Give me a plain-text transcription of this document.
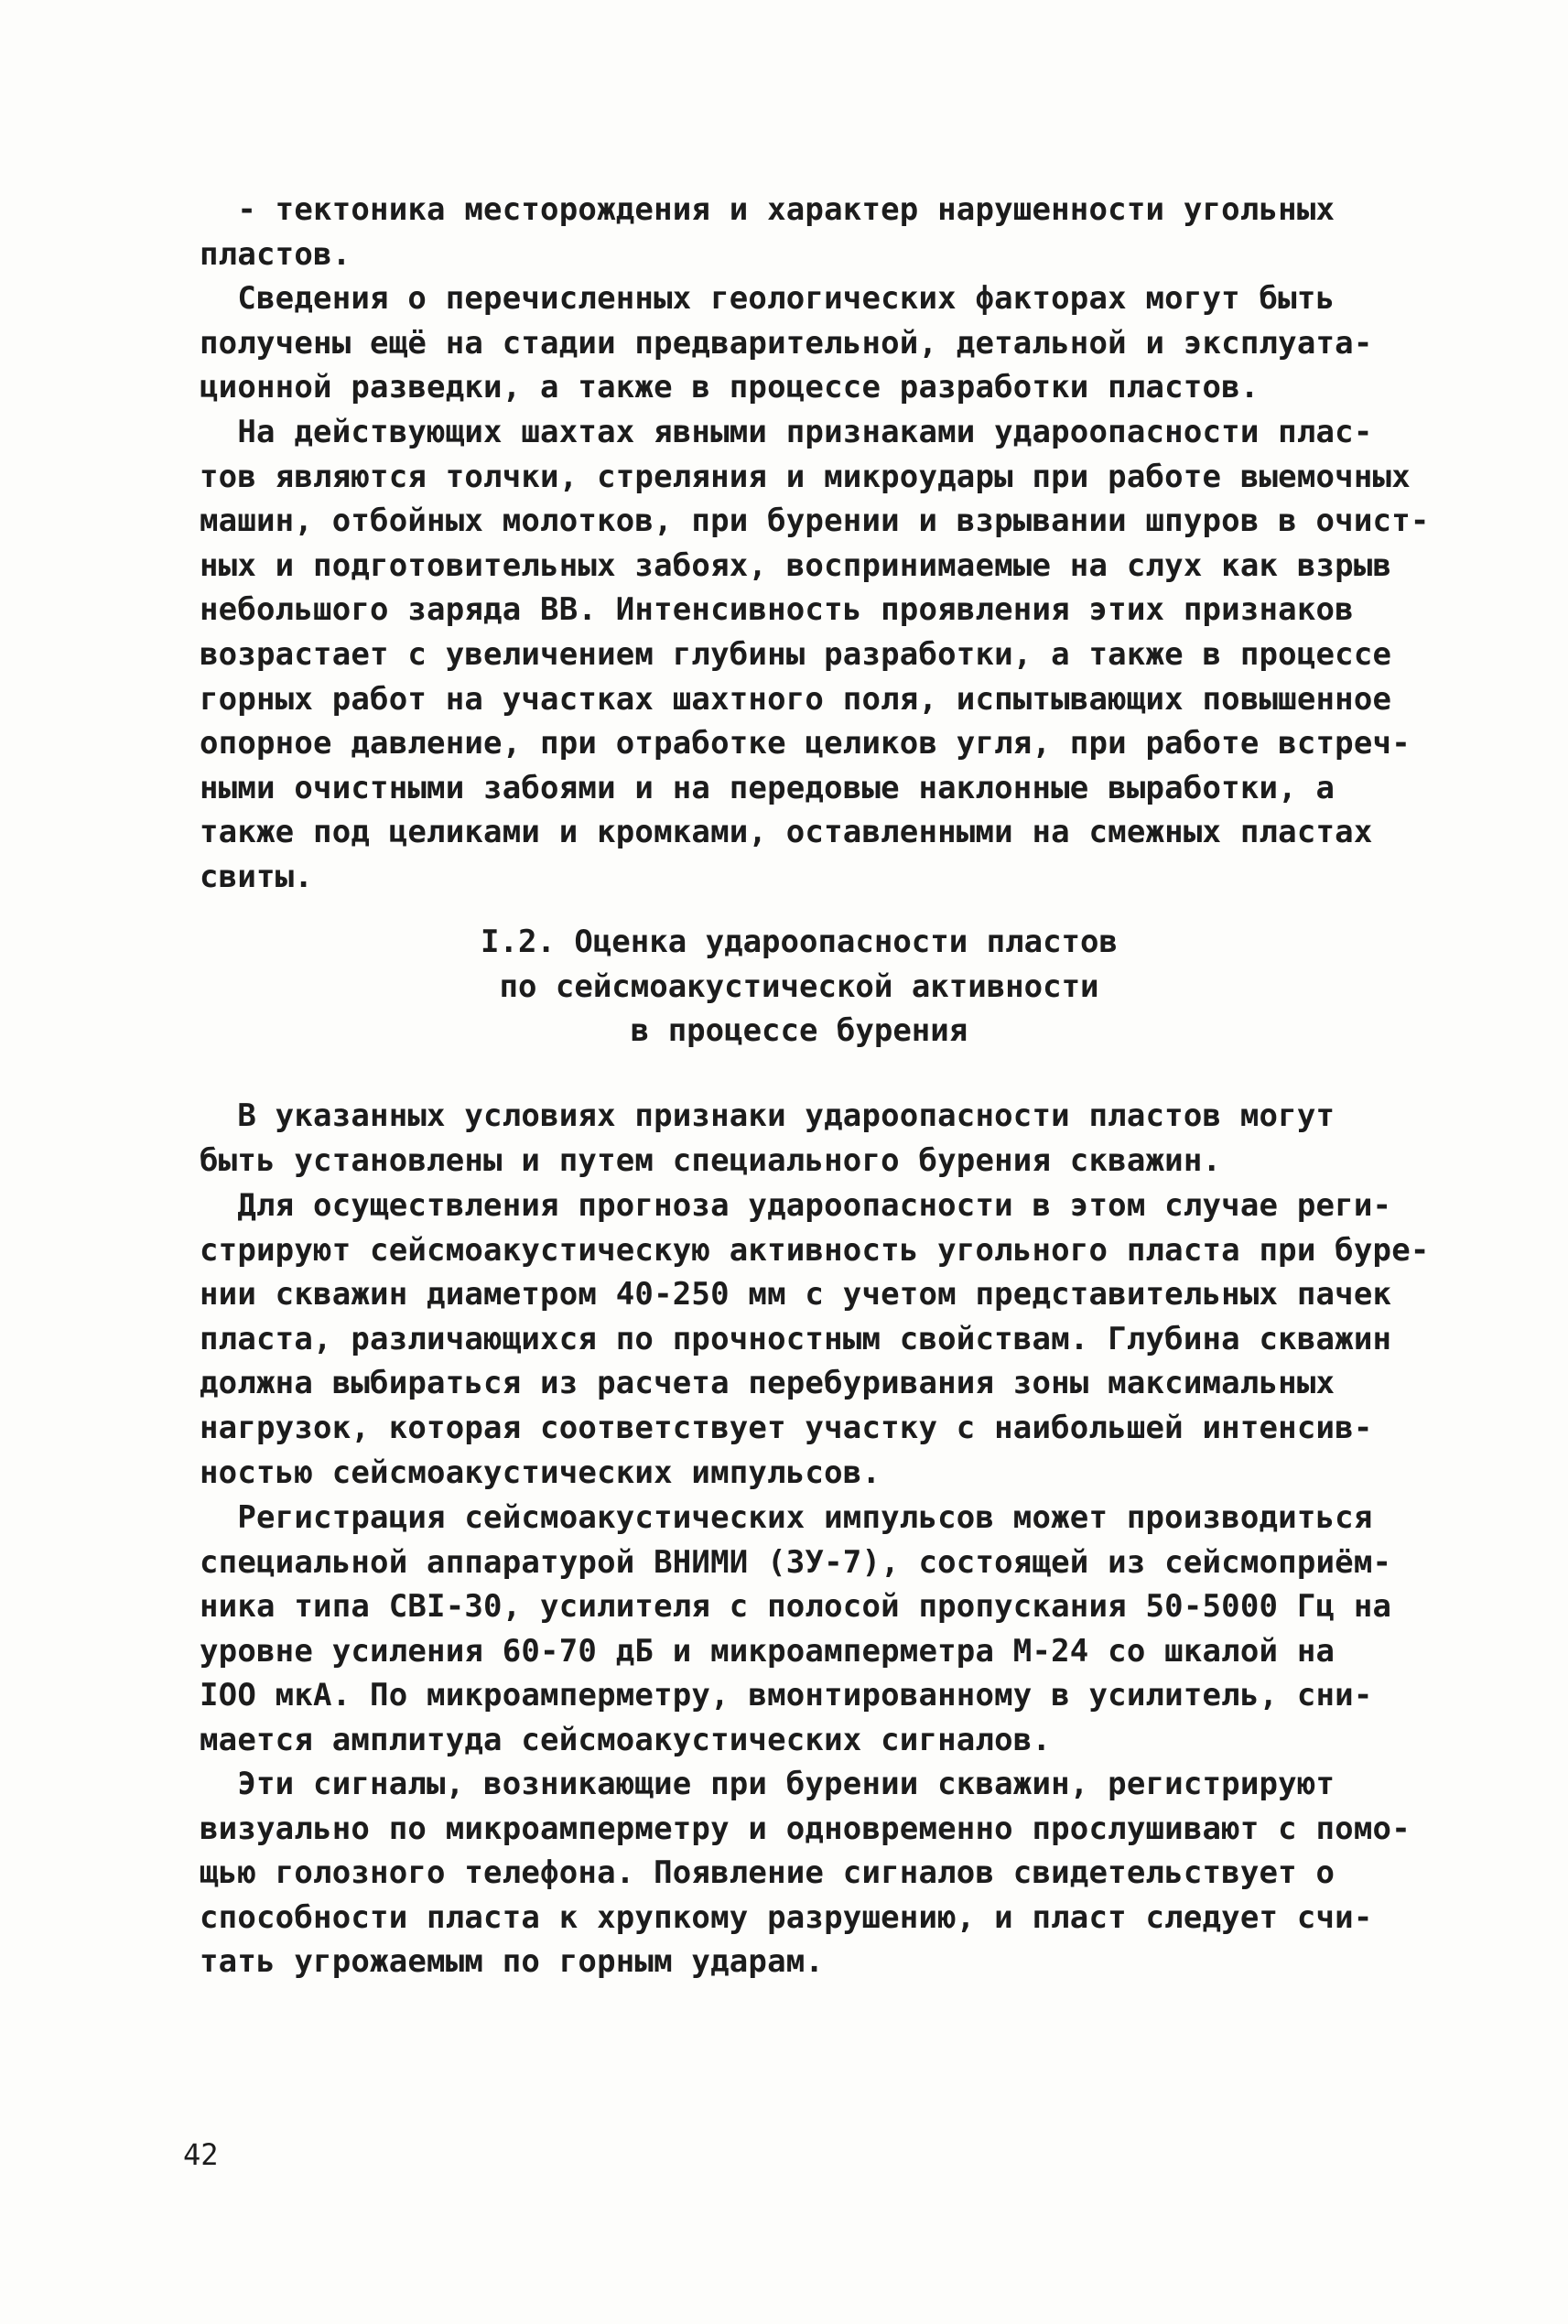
- тектоника месторождения и характер нарушенности угольных
пластов.
Сведения о перечисленных геологических факторах могут быть
получены ещё на стадии предварительной, детальной и эксплуата-
ционной разведки, а также в процессе разработки пластов.
На действующих шахтах явными признаками удароопасности плас-
тов являются толчки, стреляния и микроудары при работе выемочных
машин, отбойных молотков, при бурении и взрывании шпуров в очист-
ных и подготовительных забоях, воспринимаемые на слух как взрыв
небольшого заряда ВВ. Интенсивность проявления этих признаков
возрастает с увеличением глубины разработки, а также в процессе
горных работ на участках шахтного поля, испытывающих повышенное
опорное давление, при отработке целиков угля, при работе встреч-
ными очистными забоями и на передовые наклонные выработки, а
также под целиками и кромками, оставленными на смежных пластах
свиты.
I.2. Оценка удароопасности пластов
по сейсмоакустической активности
в процессе бурения
В указанных условиях признаки удароопасности пластов могут
быть установлены и путем специального бурения скважин.
Для осуществления прогноза удароопасности в этом случае реги-
стрируют сейсмоакустическую активность угольного пласта при буре-
нии скважин диаметром 40-250 мм с учетом представительных пачек
пласта, различающихся по прочностным свойствам. Глубина скважин
должна выбираться из расчета перебуривания зоны максимальных
нагрузок, которая соответствует участку с наибольшей интенсив-
ностью сейсмоакустических импульсов.
Регистрация сейсмоакустических импульсов может производиться
специальной аппаратурой ВНИМИ (ЗУ-7), состоящей из сейсмоприём-
ника типа СВI-30, усилителя с полосой пропускания 50-5000 Гц на
уровне усиления 60-70 дБ и микроамперметра М-24 со шкалой на
IOO мкА. По микроамперметру, вмонтированному в усилитель, сни-
мается амплитуда сейсмоакустических сигналов.
Эти сигналы, возникающие при бурении скважин, регистрируют
визуально по микроамперметру и одновременно прослушивают с помо-
щью голозного телефона. Появление сигналов свидетельствует о
способности пласта к хрупкому разрушению, и пласт следует счи-
тать угрожаемым по горным ударам.
42
